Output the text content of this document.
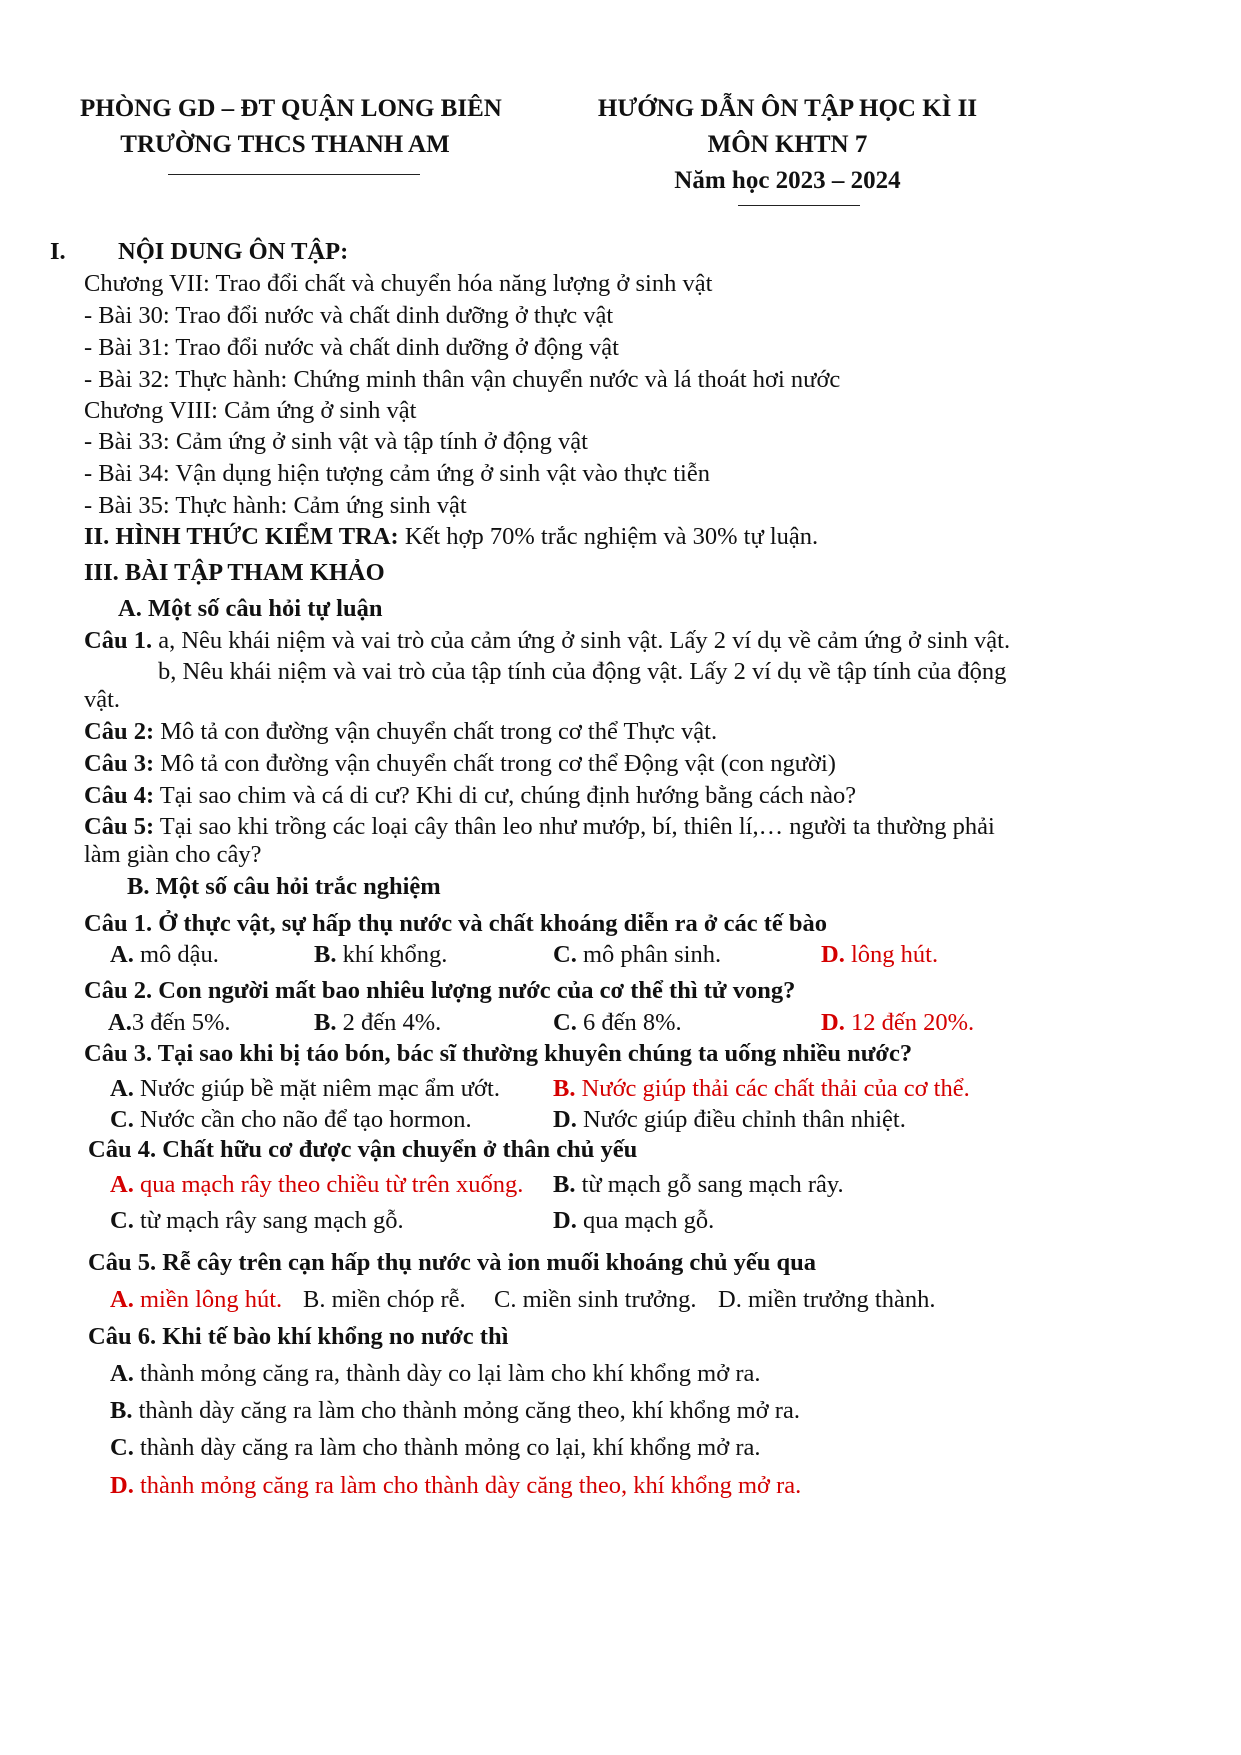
PHÒNG GD – ĐT QUẬN LONG BIÊN
TRƯỜNG THCS THANH AM
HƯỚNG DẪN ÔN TẬP HỌC KÌ II
MÔN KHTN 7
Năm học 2023 – 2024
I. NỘI DUNG ÔN TẬP:
Chương VII: Trao đổi chất và chuyển hóa năng lượng ở sinh vật
- Bài 30: Trao đổi nước và chất dinh dưỡng ở thực vật
- Bài 31: Trao đổi nước và chất dinh dưỡng ở động vật
- Bài 32: Thực hành: Chứng minh thân vận chuyển nước và lá thoát hơi nước
Chương VIII: Cảm ứng ở sinh vật
- Bài 33: Cảm ứng ở sinh vật và tập tính ở động vật
- Bài 34: Vận dụng hiện tượng cảm ứng ở sinh vật vào thực tiễn
- Bài 35: Thực hành: Cảm ứng sinh vật
II. HÌNH THỨC KIỂM TRA: Kết hợp 70% trắc nghiệm và 30% tự luận.
III. BÀI TẬP THAM KHẢO
A. Một số câu hỏi tự luận
Câu 1. a, Nêu khái niệm và vai trò của cảm ứng ở sinh vật. Lấy 2 ví dụ về cảm ứng ở sinh vật.
b, Nêu khái niệm và vai trò của tập tính của động vật. Lấy 2 ví dụ về tập tính của động
vật.
Câu 2: Mô tả con đường vận chuyển chất trong cơ thể Thực vật.
Câu 3: Mô tả con đường vận chuyển chất trong cơ thể Động vật (con người)
Câu 4: Tại sao chim và cá di cư? Khi di cư, chúng định hướng bằng cách nào?
Câu 5: Tại sao khi trồng các loại cây thân leo như mướp, bí, thiên lí,… người ta thường phải
làm giàn cho cây?
B. Một số câu hỏi trắc nghiệm
Câu 1. Ở thực vật, sự hấp thụ nước và chất khoáng diễn ra ở các tế bào
A. mô dậu.	B. khí khổng.	C. mô phân sinh.	D. lông hút.
Câu 2. Con người mất bao nhiêu lượng nước của cơ thể thì tử vong?
A.3 đến 5%.	B. 2 đến 4%.	C. 6 đến 8%.	D. 12 đến 20%.
Câu 3. Tại sao khi bị táo bón, bác sĩ thường khuyên chúng ta uống nhiều nước?
A. Nước giúp bề mặt niêm mạc ẩm ướt. B. Nước giúp thải các chất thải của cơ thể.
C. Nước cần cho não để tạo hormon.	D. Nước giúp điều chỉnh thân nhiệt.
Câu 4. Chất hữu cơ được vận chuyển ở thân chủ yếu
A. qua mạch rây theo chiều từ trên xuống. B. từ mạch gỗ sang mạch rây.
C. từ mạch rây sang mạch gỗ.	D. qua mạch gỗ.
Câu 5. Rễ cây trên cạn hấp thụ nước và ion muối khoáng chủ yếu qua
A. miền lông hút. B. miền chóp rễ. C. miền sinh trưởng. D. miền trưởng thành.
Câu 6. Khi tế bào khí khổng no nước thì
A. thành mỏng căng ra, thành dày co lại làm cho khí khổng mở ra.
B. thành dày căng ra làm cho thành mỏng căng theo, khí khổng mở ra.
C. thành dày căng ra làm cho thành mỏng co lại, khí khổng mở ra.
D. thành mỏng căng ra làm cho thành dày căng theo, khí khổng mở ra.
